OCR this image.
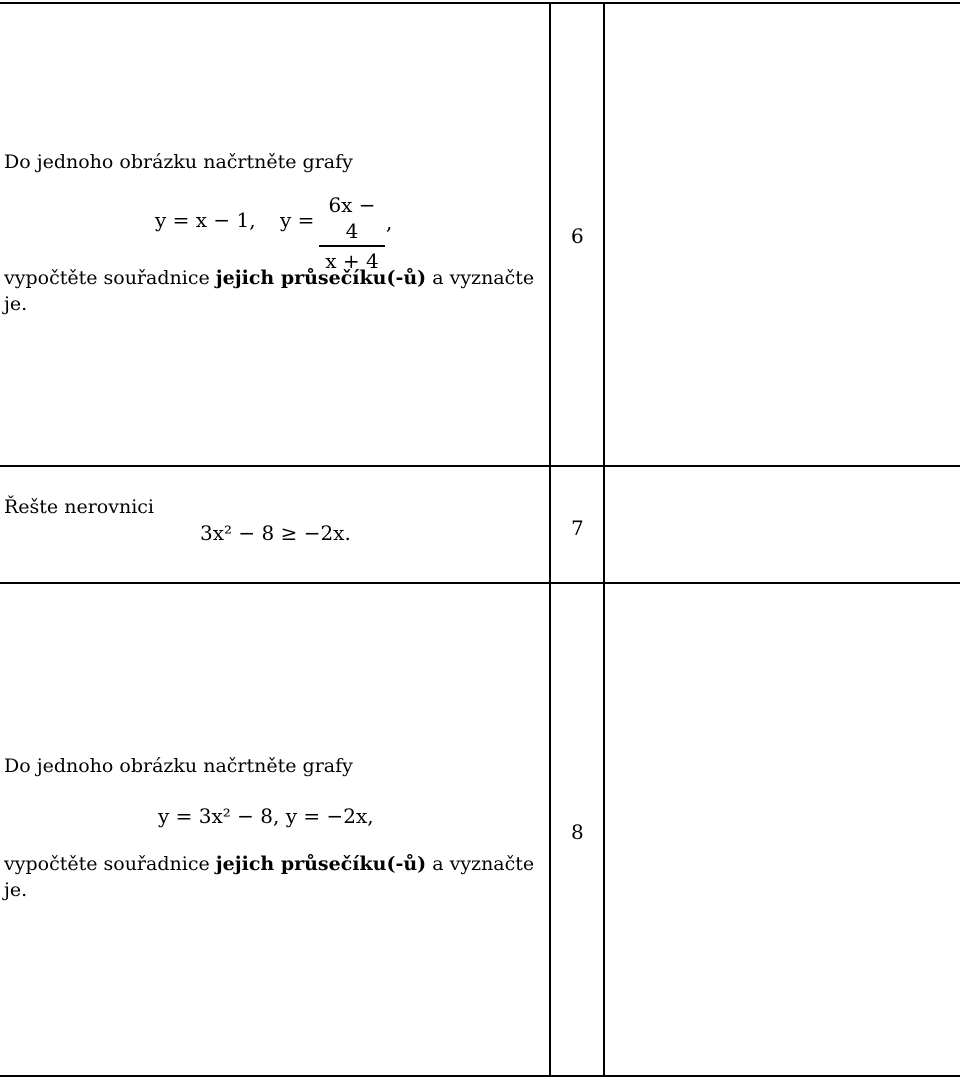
Do jednoho obrázku načrtněte grafy
y = x − 1, y =
6x − 4
x + 4
,
vypočtěte souřadnice jejich průsečíku(-ů) a vyznačte
je.
6
Řešte nerovnici
3x² − 8 ≥ −2x.	7
Do jednoho obrázku načrtněte grafy
y = 3x² − 8, y = −2x,
vypočtěte souřadnice jejich průsečíku(-ů) a vyznačte
je.
8
